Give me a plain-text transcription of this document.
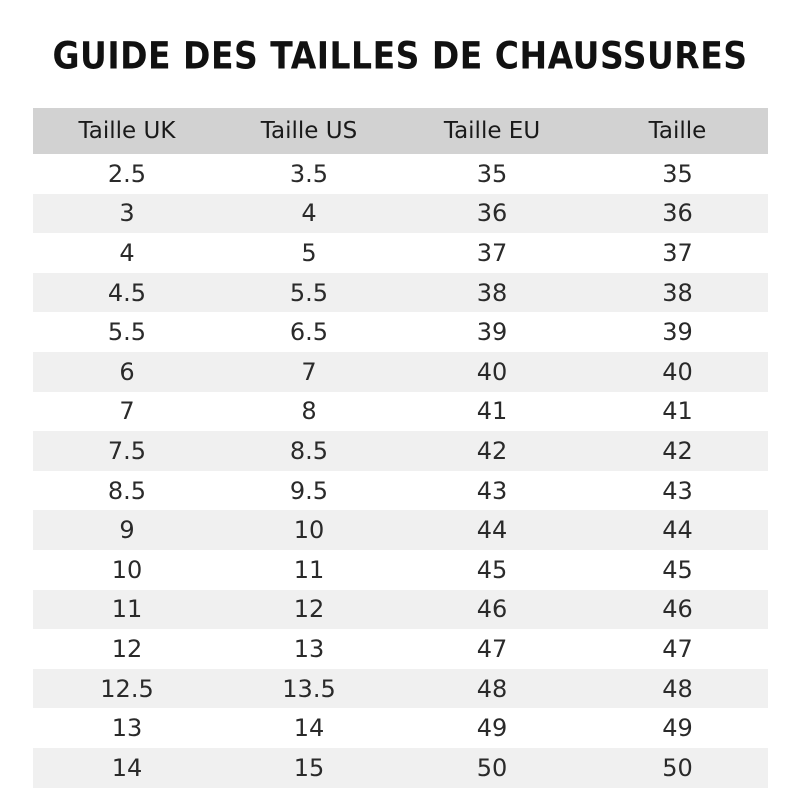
GUIDE DES TAILLES DE CHAUSSURES
Taille UK	Taille US	Taille EU	Taille
2.5	3.5	35	35
3	4	36	36
4	5	37	37
4.5	5.5	38	38
5.5	6.5	39	39
6	7	40	40
7	8	41	41
7.5	8.5	42	42
8.5	9.5	43	43
9	10	44	44
10	11	45	45
11	12	46	46
12	13	47	47
12.5	13.5	48	48
13	14	49	49
14	15	50	50
